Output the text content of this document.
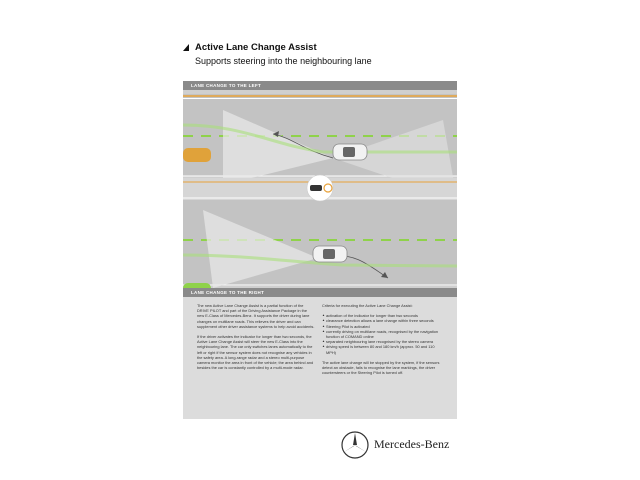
Active Lane Change Assist
Supports steering into the neighbouring lane
LANE CHANGE TO THE LEFT
LANE CHANGE TO THE RIGHT

The new Active Lane Change Assist is a partial function of the DRIVE PILOT and part of the Driving Assistance Package in the new E-Class of Mercedes-Benz. It supports the driver during lane changes on multilane roads. This relieves the driver and can supplement other driver assistance systems to help avoid accidents.

If the driver activates the indicator for longer than two seconds, the Active Lane Change Assist will steer the new E-Class into the neighbouring lane. The car only switches lanes automatically to the left or right if the sensor system does not recognise any vehicles in the safety area. A long-range radar and a stereo multi-purpose camera monitor the area in front of the vehicle; the area behind and besides the car is constantly controlled by a multi-mode radar.

Criteria for executing the Active Lane Change Assist:

▲ activation of the indicator for longer than two seconds
▲ clearance detection allows a lane change within three seconds
▲ Steering Pilot is activated
▲ currently driving on multilane roads, recognised by the navigation function of COMAND online
▲ separated neighbouring lane recognised by the stereo camera
▲ driving speed is between 80 and 180 km/h (approx. 50 and 110 MPH)

The active lane change will be stopped by the system, if the sensors detect an obstacle, fails to recognise the lane markings, the driver countersteers or the Steering Pilot is turned off.

Mercedes-Benz
